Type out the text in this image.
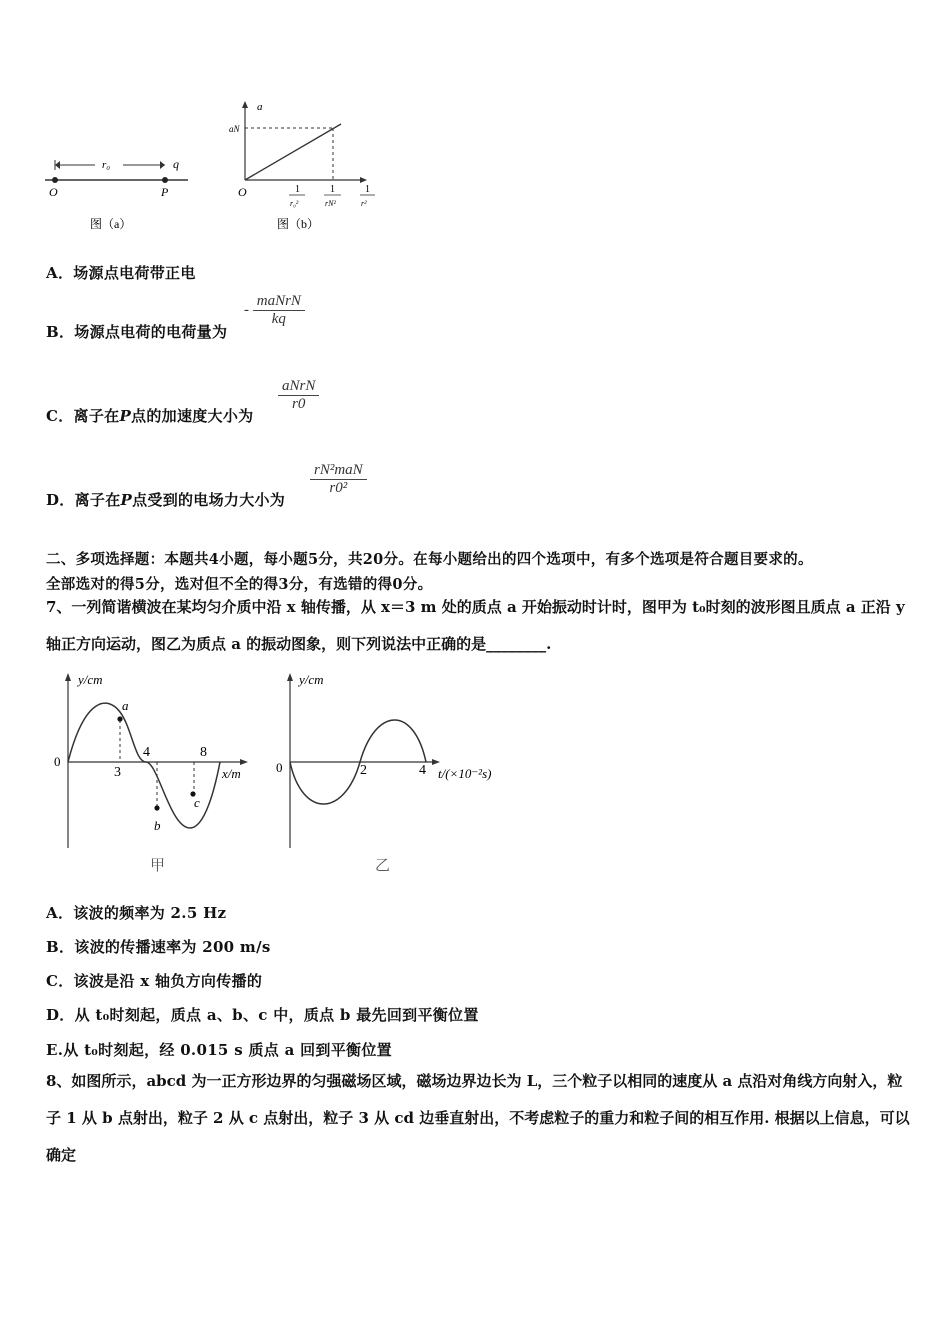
r₀	q
O	P
图（a）
a
aN
O	1
r₀²
1
rN²
1
r²
图（b）
A．场源点电荷带正电
B．场源点电荷的电荷量为
- $\frac{\text{maNrN}}{kq}$
C．离子在P点的加速度大小为
$\frac{\text{aNrN}}{r0}$
D．离子在P点受到的电场力大小为
$\frac{\text{rN²maN}}{\text{r0²}}$
二、多项选择题：本题共4小题，每小题5分，共20分。在每小题给出的四个选项中，有多个选项是符合题目要求的。
全部选对的得5分，选对但不全的得3分，有选错的得0分。
7、一列简谐横波在某均匀介质中沿 x 轴传播，从 x＝3 m 处的质点 a 开始振动时计时，图甲为 t₀时刻的波形图且质点 a 正沿 y 轴正方向运动，图乙为质点 a 的振动图象，则下列说法中正确的是________.
y/cm
x/m
0
3
4	8
a
b
c
甲
y/cm
t/(×10⁻²s)
0	2	4
乙
A．该波的频率为 2.5 Hz
B．该波的传播速率为 200 m/s
C．该波是沿 x 轴负方向传播的
D．从 t₀时刻起，质点 a、b、c 中，质点 b 最先回到平衡位置
E.从 t₀时刻起，经 0.015 s 质点 a 回到平衡位置
8、如图所示，abcd 为一正方形边界的匀强磁场区域，磁场边界边长为 L，三个粒子以相同的速度从 a 点沿对角线方向射入，粒子 1 从 b 点射出，粒子 2 从 c 点射出，粒子 3 从 cd 边垂直射出，不考虑粒子的重力和粒子间的相互作用. 根据以上信息，可以确定
